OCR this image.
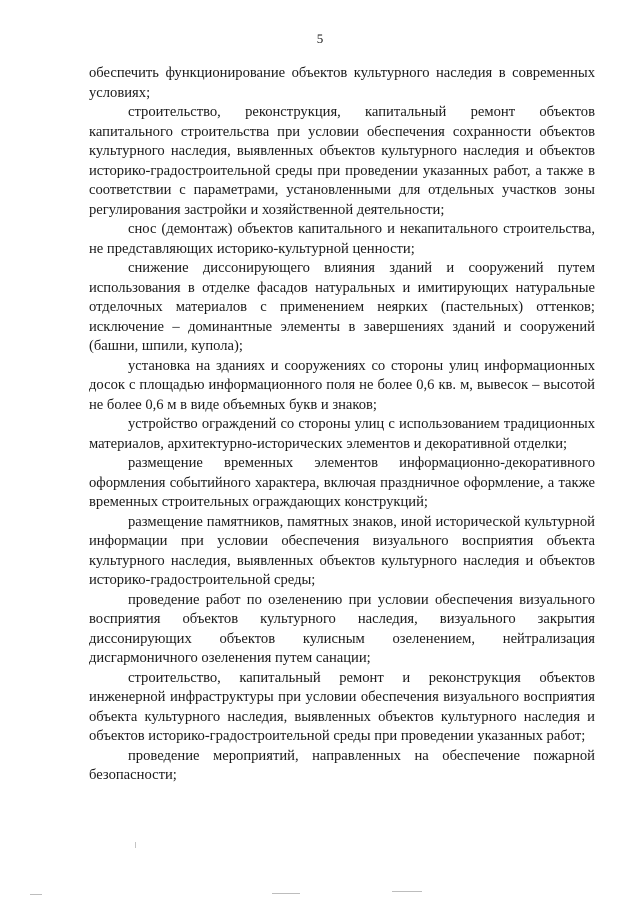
5

обеспечить функционирование объектов культурного наследия в современных условиях;

строительство, реконструкция, капитальный ремонт объектов капитального строительства при условии обеспечения сохранности объектов культурного наследия, выявленных объектов культурного наследия и объектов историко-градостроительной среды при проведении указанных работ, а также в соответствии с параметрами, установленными для отдельных участков зоны регулирования застройки и хозяйственной деятельности;

снос (демонтаж) объектов капитального и некапитального строительства, не представляющих историко-культурной ценности;

снижение диссонирующего влияния зданий и сооружений путем использования в отделке фасадов натуральных и имитирующих натуральные отделочных материалов с применением неярких (пастельных) оттенков; исключение – доминантные элементы в завершениях зданий и сооружений (башни, шпили, купола);

установка на зданиях и сооружениях со стороны улиц информационных досок с площадью информационного поля не более 0,6 кв. м, вывесок – высотой не более 0,6 м в виде объемных букв и знаков;

устройство ограждений со стороны улиц с использованием традиционных материалов, архитектурно-исторических элементов и декоративной отделки;

размещение временных элементов информационно-декоративного оформления событийного характера, включая праздничное оформление, а также временных строительных ограждающих конструкций;

размещение памятников, памятных знаков, иной исторической культурной информации при условии обеспечения визуального восприятия объекта культурного наследия, выявленных объектов культурного наследия и объектов историко-градостроительной среды;

проведение работ по озеленению при условии обеспечения визуального восприятия объектов культурного наследия, визуального закрытия диссонирующих объектов кулисным озеленением, нейтрализация дисгармоничного озеленения путем санации;

строительство, капитальный ремонт и реконструкция объектов инженерной инфраструктуры при условии обеспечения визуального восприятия объекта культурного наследия, выявленных объектов культурного наследия и объектов историко-градостроительной среды при проведении указанных работ;

проведение мероприятий, направленных на обеспечение пожарной безопасности;
